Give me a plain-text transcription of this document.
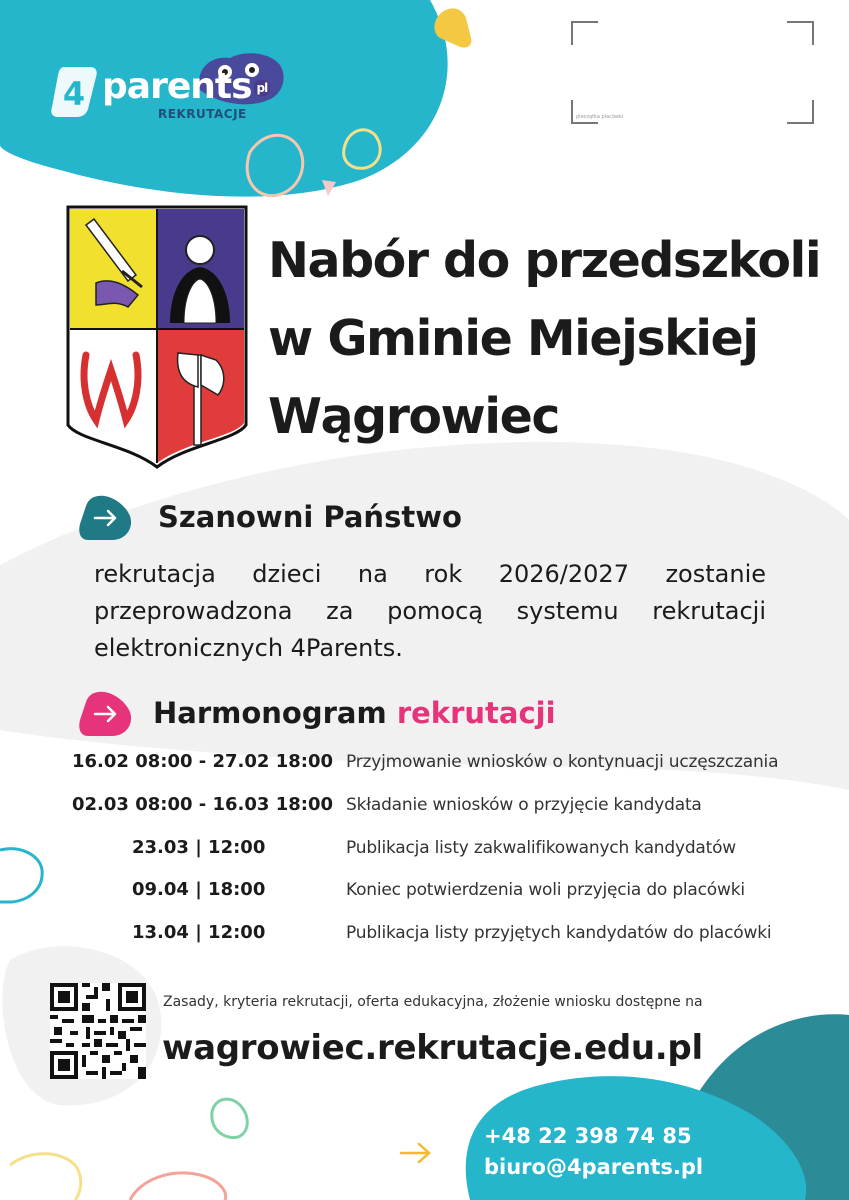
pieczątka placówki
4 parents pl
REKRUTACJE
Nabór do przedszkoli
w Gminie Miejskiej
Wągrowiec
Szanowni Państwo
rekrutacja dzieci na rok 2026/2027 zostanie
przeprowadzona za pomocą systemu rekrutacji
elektronicznych 4Parents.
Harmonogram rekrutacji
16.02 08:00 - 27.02 18:00 Przyjmowanie wniosków o kontynuacji uczęszczania
02.03 08:00 - 16.03 18:00 Składanie wniosków o przyjęcie kandydata
23.03 | 12:00	Publikacja listy zakwalifikowanych kandydatów
09.04 | 18:00	Koniec potwierdzenia woli przyjęcia do placówki
13.04 | 12:00	Publikacja listy przyjętych kandydatów do placówki
Zasady, kryteria rekrutacji, oferta edukacyjna, złożenie wniosku dostępne na
wagrowiec.rekrutacje.edu.pl
+48 22 398 74 85
biuro@4parents.pl
